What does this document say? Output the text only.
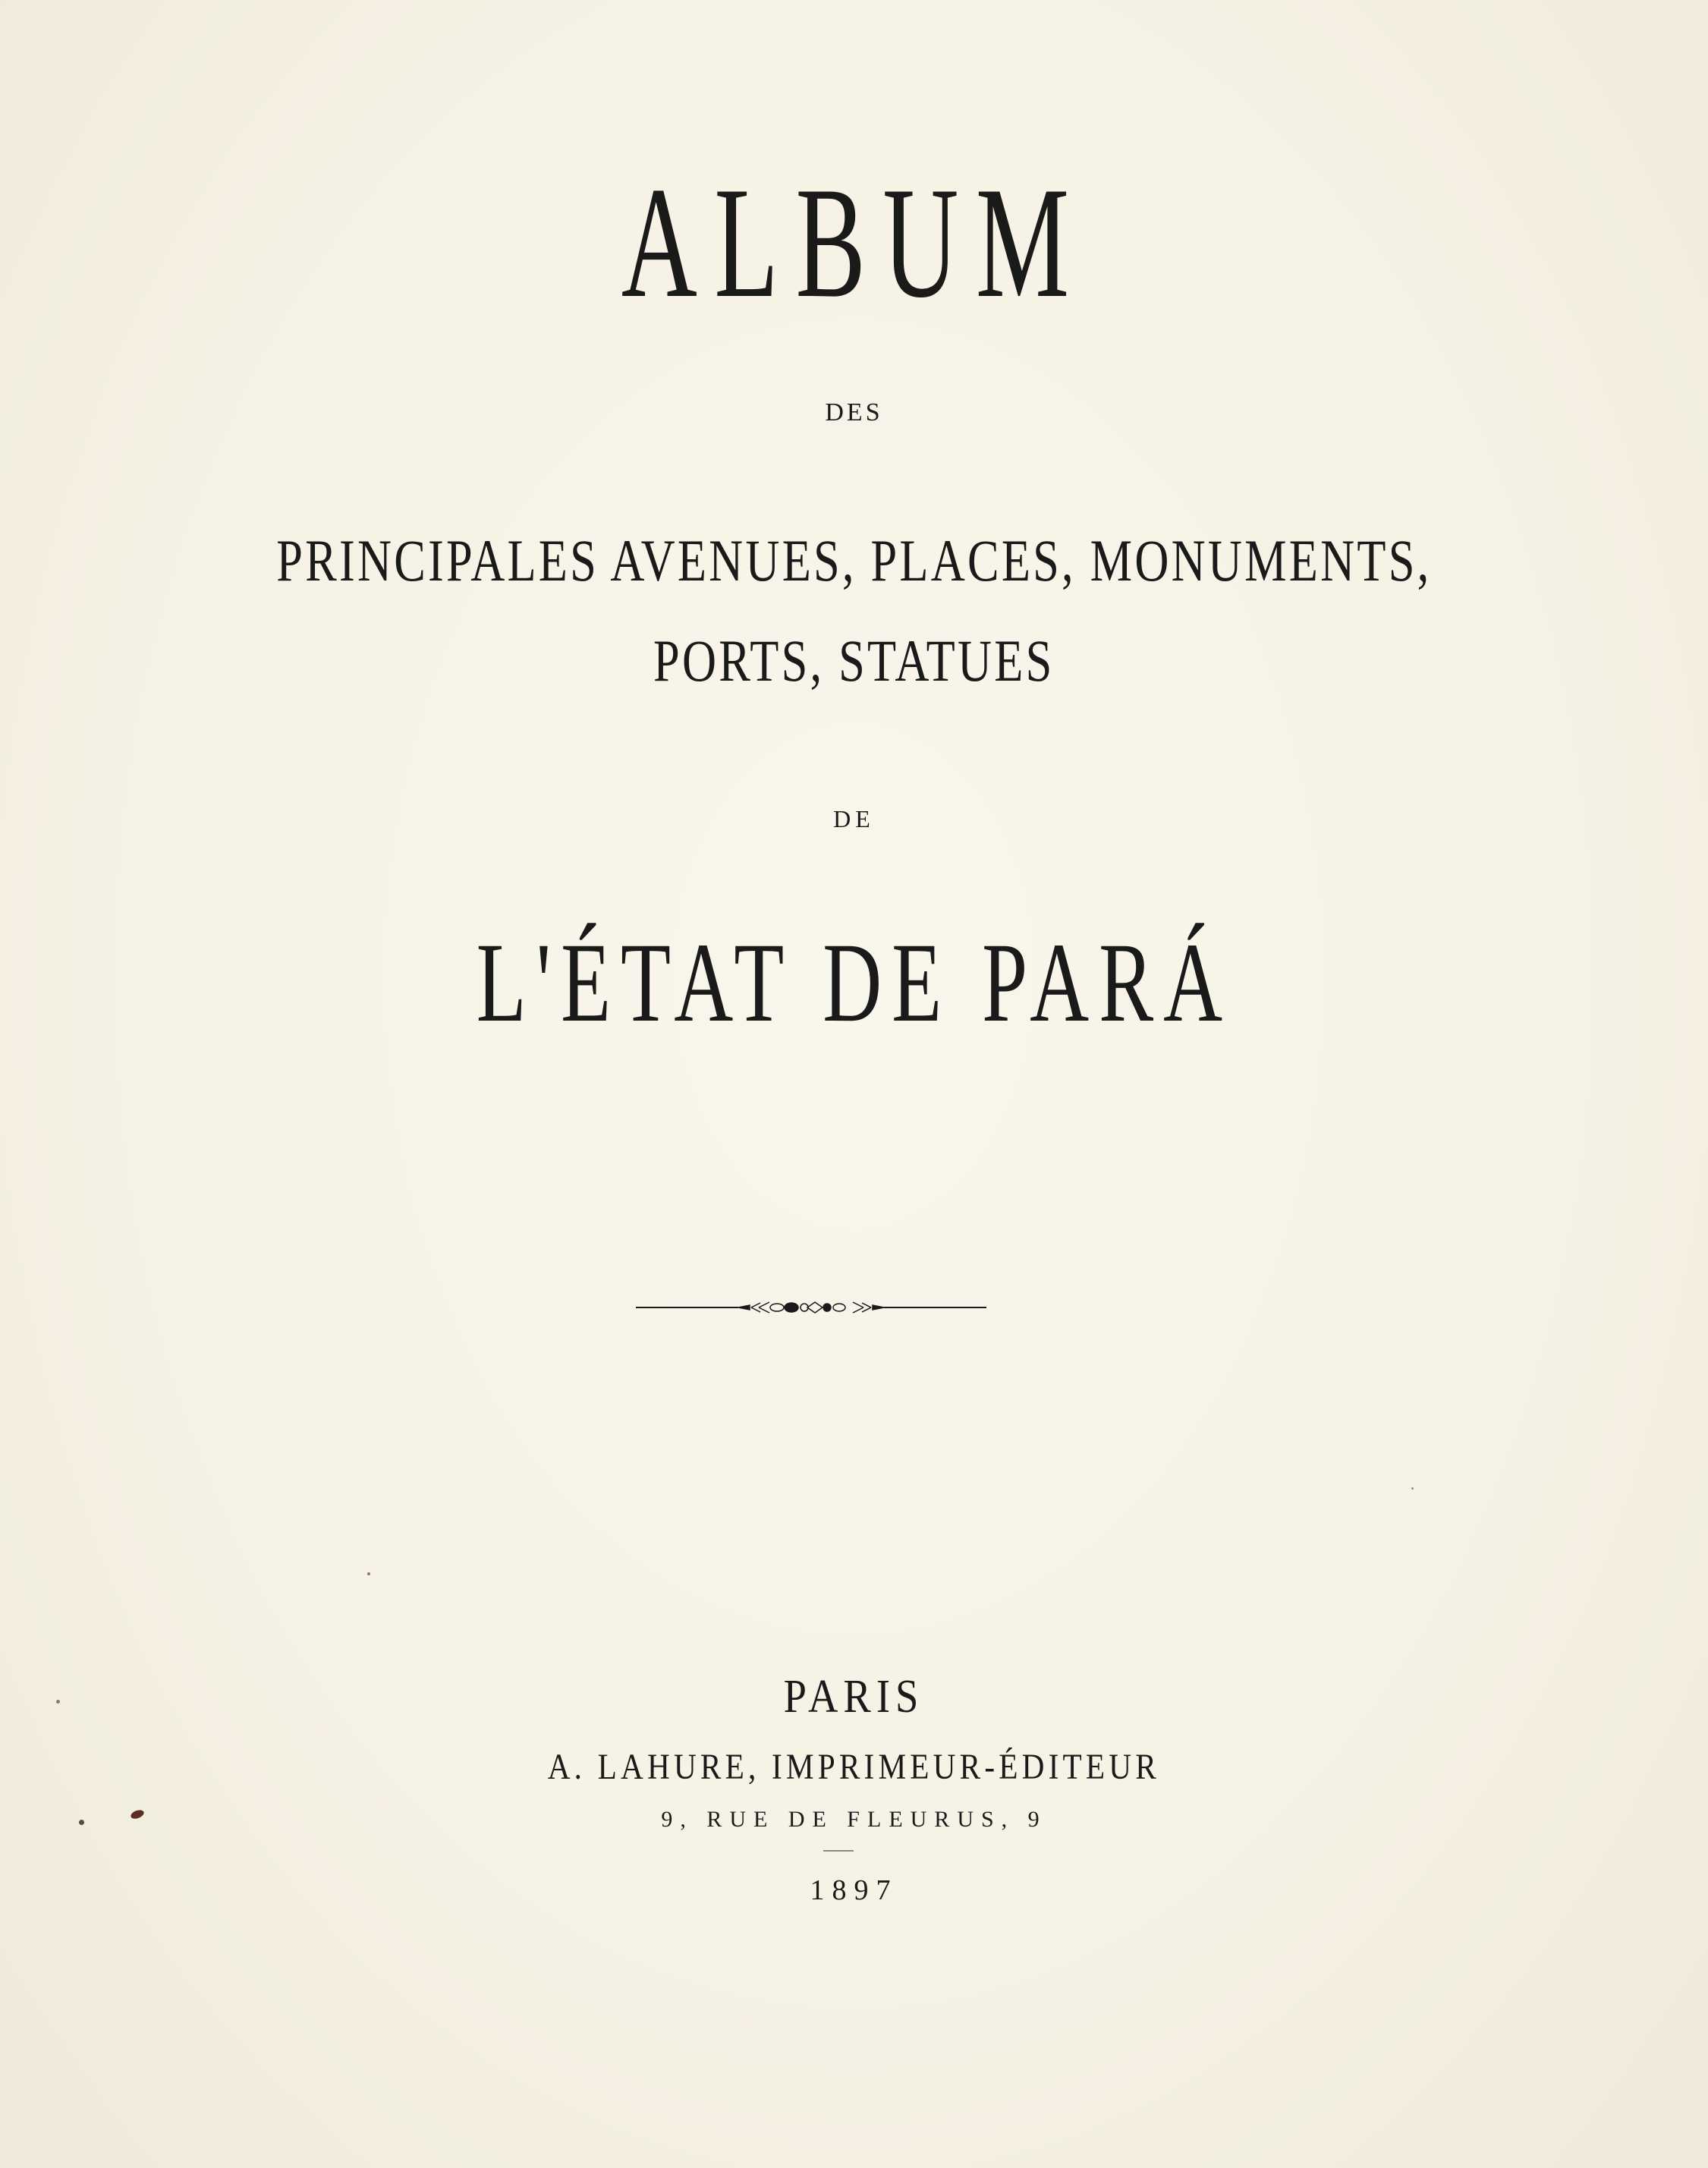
ALBUM
DES
PRINCIPALES AVENUES, PLACES, MONUMENTS,
PORTS, STATUES
DE
L'ÉTAT DE PARÁ
PARIS
A. LAHURE, IMPRIMEUR-ÉDITEUR
9, RUE DE FLEURUS, 9
1897
